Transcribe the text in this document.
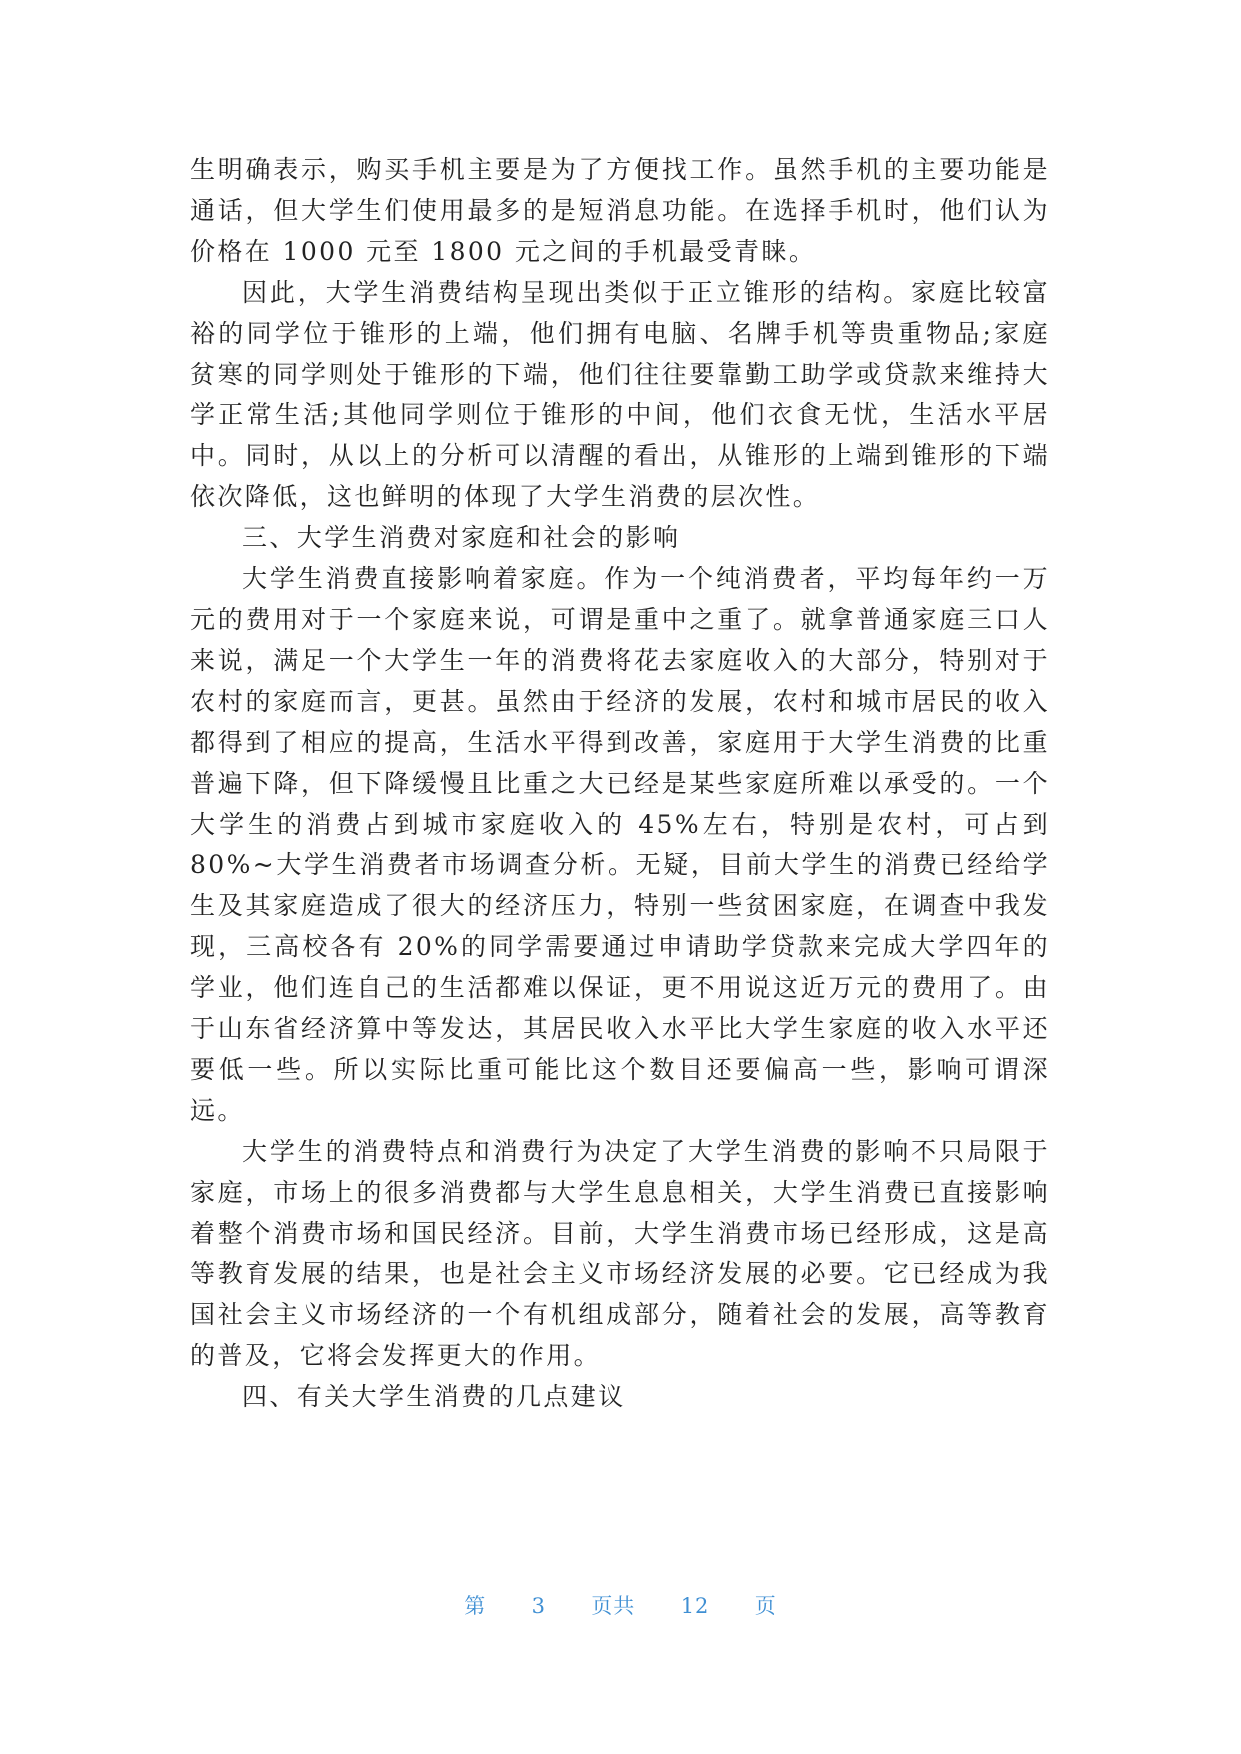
生明确表示，购买手机主要是为了方便找工作。虽然手机的主要功能是通话，但大学生们使用最多的是短消息功能。在选择手机时，他们认为价格在 1000 元至 1800 元之间的手机最受青睐。

因此，大学生消费结构呈现出类似于正立锥形的结构。家庭比较富裕的同学位于锥形的上端，他们拥有电脑、名牌手机等贵重物品;家庭贫寒的同学则处于锥形的下端，他们往往要靠勤工助学或贷款来维持大学正常生活;其他同学则位于锥形的中间，他们衣食无忧，生活水平居中。同时，从以上的分析可以清醒的看出，从锥形的上端到锥形的下端依次降低，这也鲜明的体现了大学生消费的层次性。

三、大学生消费对家庭和社会的影响

大学生消费直接影响着家庭。作为一个纯消费者，平均每年约一万元的费用对于一个家庭来说，可谓是重中之重了。就拿普通家庭三口人来说，满足一个大学生一年的消费将花去家庭收入的大部分，特别对于农村的家庭而言，更甚。虽然由于经济的发展，农村和城市居民的收入都得到了相应的提高，生活水平得到改善，家庭用于大学生消费的比重普遍下降，但下降缓慢且比重之大已经是某些家庭所难以承受的。一个大学生的消费占到城市家庭收入的 45%左右，特别是农村，可占到 80%~大学生消费者市场调查分析。无疑，目前大学生的消费已经给学生及其家庭造成了很大的经济压力，特别一些贫困家庭，在调查中我发现，三高校各有 20%的同学需要通过申请助学贷款来完成大学四年的学业，他们连自己的生活都难以保证，更不用说这近万元的费用了。由于山东省经济算中等发达，其居民收入水平比大学生家庭的收入水平还要低一些。所以实际比重可能比这个数目还要偏高一些，影响可谓深远。

大学生的消费特点和消费行为决定了大学生消费的影响不只局限于家庭，市场上的很多消费都与大学生息息相关，大学生消费已直接影响着整个消费市场和国民经济。目前，大学生消费市场已经形成，这是高等教育发展的结果，也是社会主义市场经济发展的必要。它已经成为我国社会主义市场经济的一个有机组成部分，随着社会的发展，高等教育的普及，它将会发挥更大的作用。

四、有关大学生消费的几点建议

第 3 页共 12 页
